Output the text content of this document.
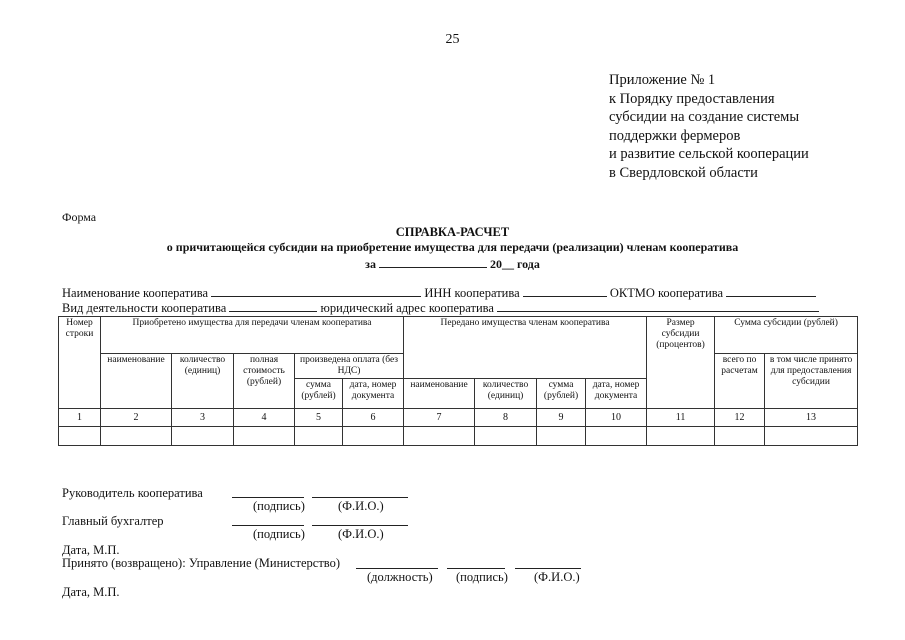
25
Приложение № 1
к Порядку предоставления
субсидии на создание системы
поддержки фермеров
и развитие сельской кооперации
в Свердловской области
Форма
СПРАВКА-РАСЧЕТ
о причитающейся субсидии на приобретение имущества для передачи (реализации) членам кооператива
за	20__ года
Наименование кооператива	ИНН кооператива	ОКТМО кооператива
Вид деятельности кооператива	юридический адрес кооператива
Номер строки	Приобретено имущества для передачи членам кооператива					Передано имущества членам кооператива				Размер субсидии (процентов)	Сумма субсидии (рублей)	
	наименование	количество (единиц)	полная стоимость (рублей)	произведена оплата (без НДС)							всего по расчетам	в том числе принято для предоставления субсидии
				сумма (рублей)	дата, номер документа	наименование	количество (единиц)	сумма (рублей)	дата, номер документа			

1	2	3	4	5	6	7	8	9	10	11	12	13

Руководитель кооператива
(подпись)	(Ф.И.О.)
Главный бухгалтер
(подпись)	(Ф.И.О.)
Дата, М.П.
Принято (возвращено): Управление (Министерство)
(должность) (подпись) (Ф.И.О.)
Дата, М.П.
